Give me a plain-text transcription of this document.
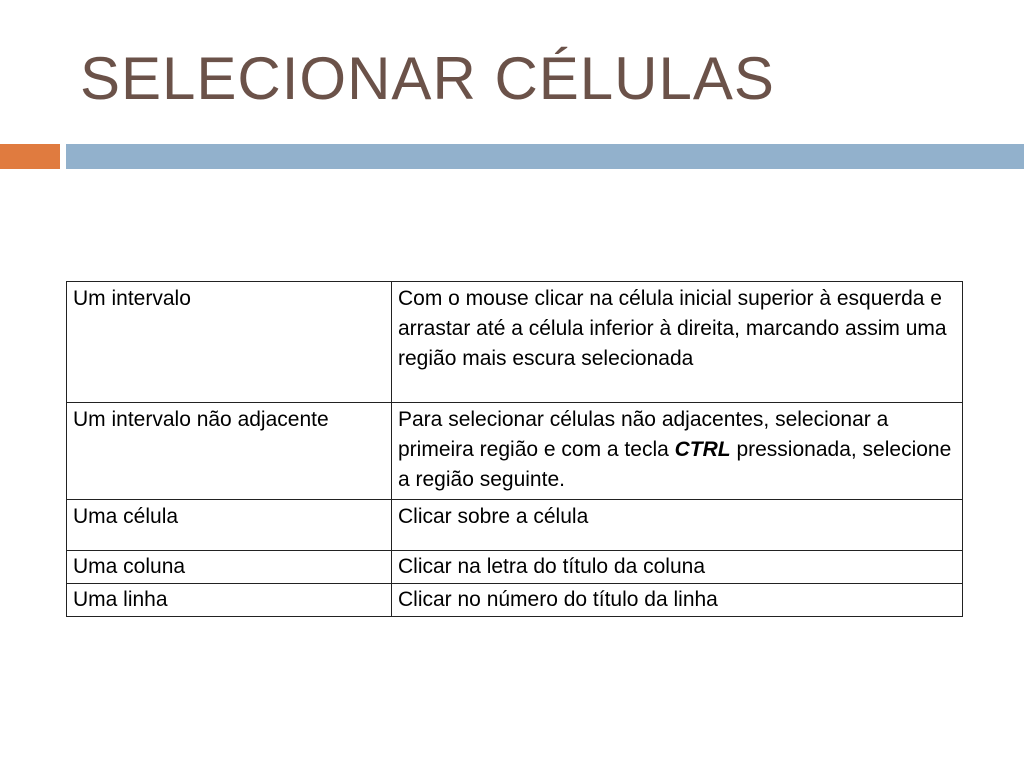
SELECIONAR CÉLULAS
Um intervalo	Com o mouse clicar na célula inicial superior à esquerda e arrastar até a célula inferior à direita, marcando assim uma região mais escura selecionada
Um intervalo não adjacente	Para selecionar células não adjacentes, selecionar a primeira região e com a tecla CTRL pressionada, selecione a região seguinte.
Uma célula	Clicar sobre a célula
Uma coluna	Clicar na letra do título da coluna
Uma linha	Clicar no número do título da linha
